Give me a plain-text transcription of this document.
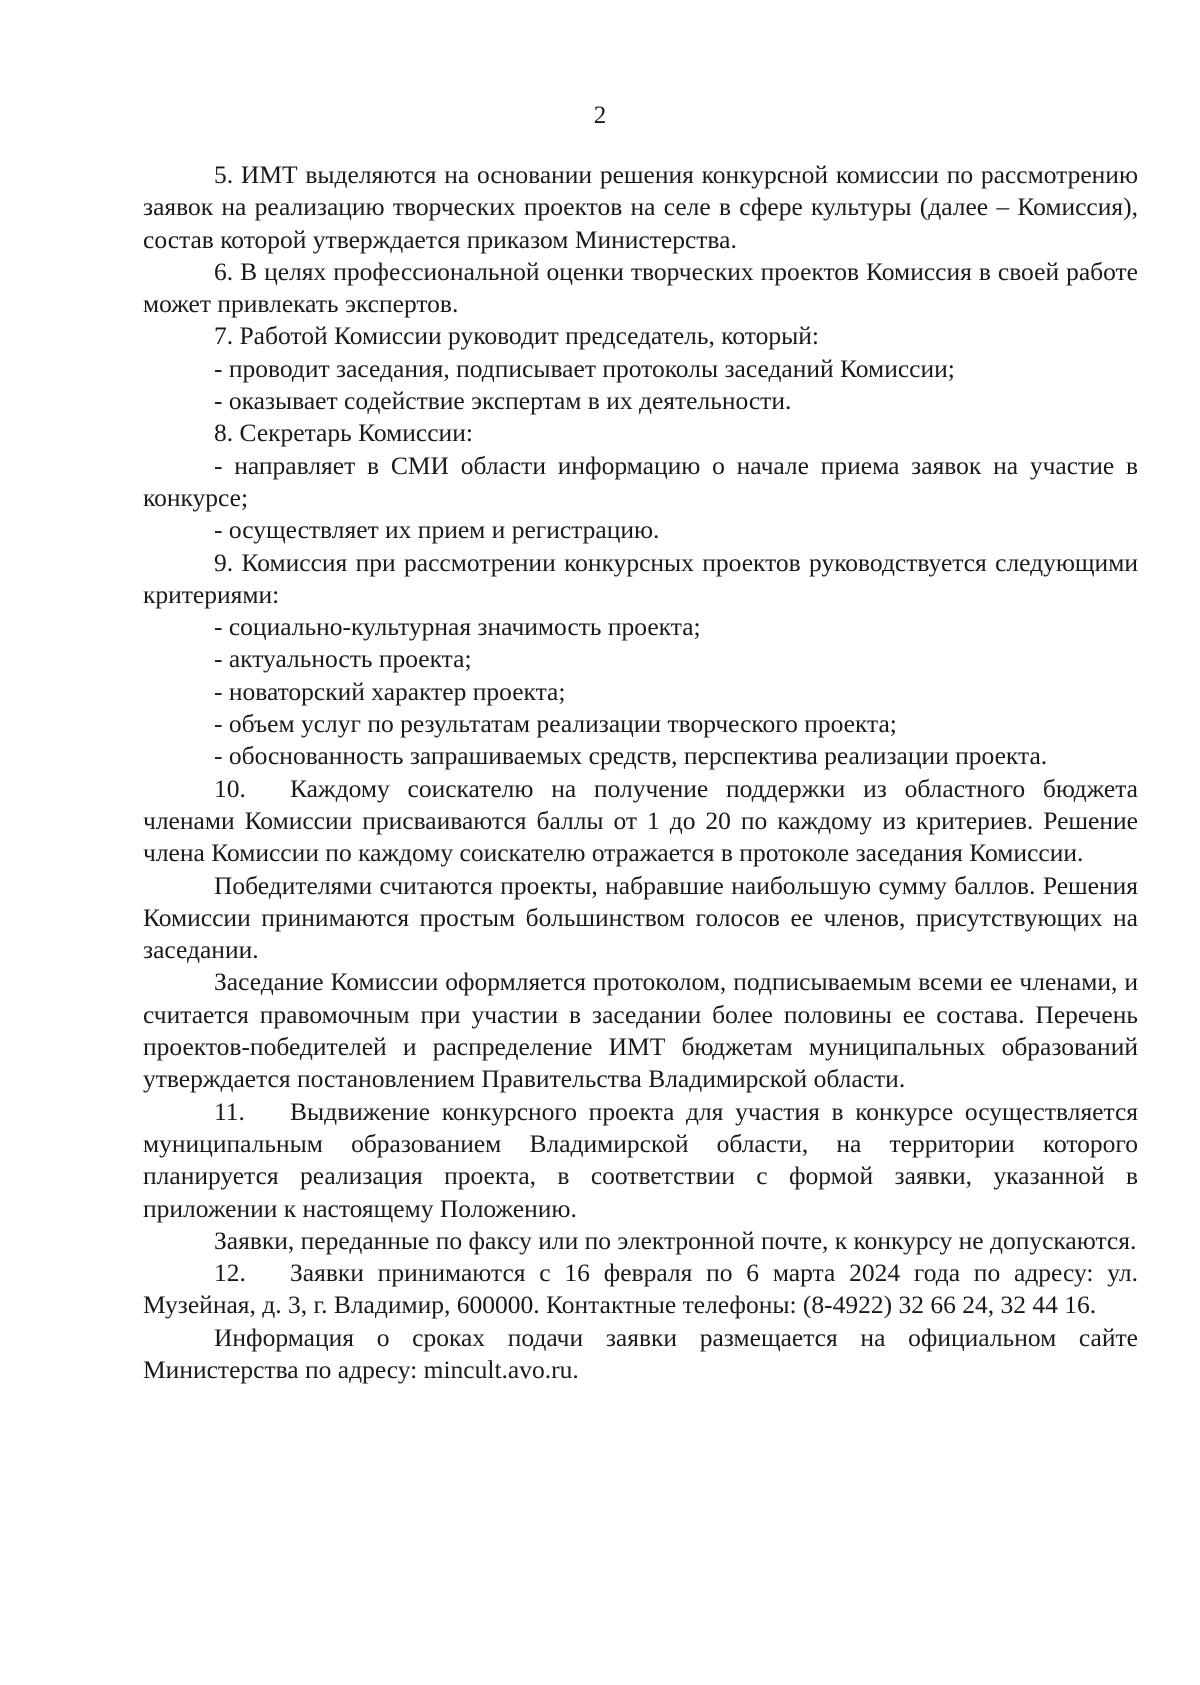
2

5. ИМТ выделяются на основании решения конкурсной комиссии по рассмотрению заявок на реализацию творческих проектов на селе в сфере культуры (далее – Комиссия), состав которой утверждается приказом Министерства.

6. В целях профессиональной оценки творческих проектов Комиссия в своей работе может привлекать экспертов.

7. Работой Комиссии руководит председатель, который:

- проводит заседания, подписывает протоколы заседаний Комиссии;

- оказывает содействие экспертам в их деятельности.

8. Секретарь Комиссии:

- направляет в СМИ области информацию о начале приема заявок на участие в конкурсе;

- осуществляет их прием и регистрацию.

9. Комиссия при рассмотрении конкурсных проектов руководствуется следующими критериями:

- социально-культурная значимость проекта;

- актуальность проекта;

- новаторский характер проекта;

- объем услуг по результатам реализации творческого проекта;

- обоснованность запрашиваемых средств, перспектива реализации проекта.

10. Каждому соискателю на получение поддержки из областного бюджета членами Комиссии присваиваются баллы от 1 до 20 по каждому из критериев. Решение члена Комиссии по каждому соискателю отражается в протоколе заседания Комиссии.

Победителями считаются проекты, набравшие наибольшую сумму баллов. Решения Комиссии принимаются простым большинством голосов ее членов, присутствующих на заседании.

Заседание Комиссии оформляется протоколом, подписываемым всеми ее членами, и считается правомочным при участии в заседании более половины ее состава. Перечень проектов-победителей и распределение ИМТ бюджетам муниципальных образований утверждается постановлением Правительства Владимирской области.

11. Выдвижение конкурсного проекта для участия в конкурсе осуществляется муниципальным образованием Владимирской области, на территории которого планируется реализация проекта, в соответствии с формой заявки, указанной в приложении к настоящему Положению.

Заявки, переданные по факсу или по электронной почте, к конкурсу не допускаются.

12. Заявки принимаются с 16 февраля по 6 марта 2024 года по адресу: ул. Музейная, д. 3, г. Владимир, 600000. Контактные телефоны: (8-4922) 32 66 24, 32 44 16.

Информация о сроках подачи заявки размещается на официальном сайте Министерства по адресу: mincult.avo.ru.
